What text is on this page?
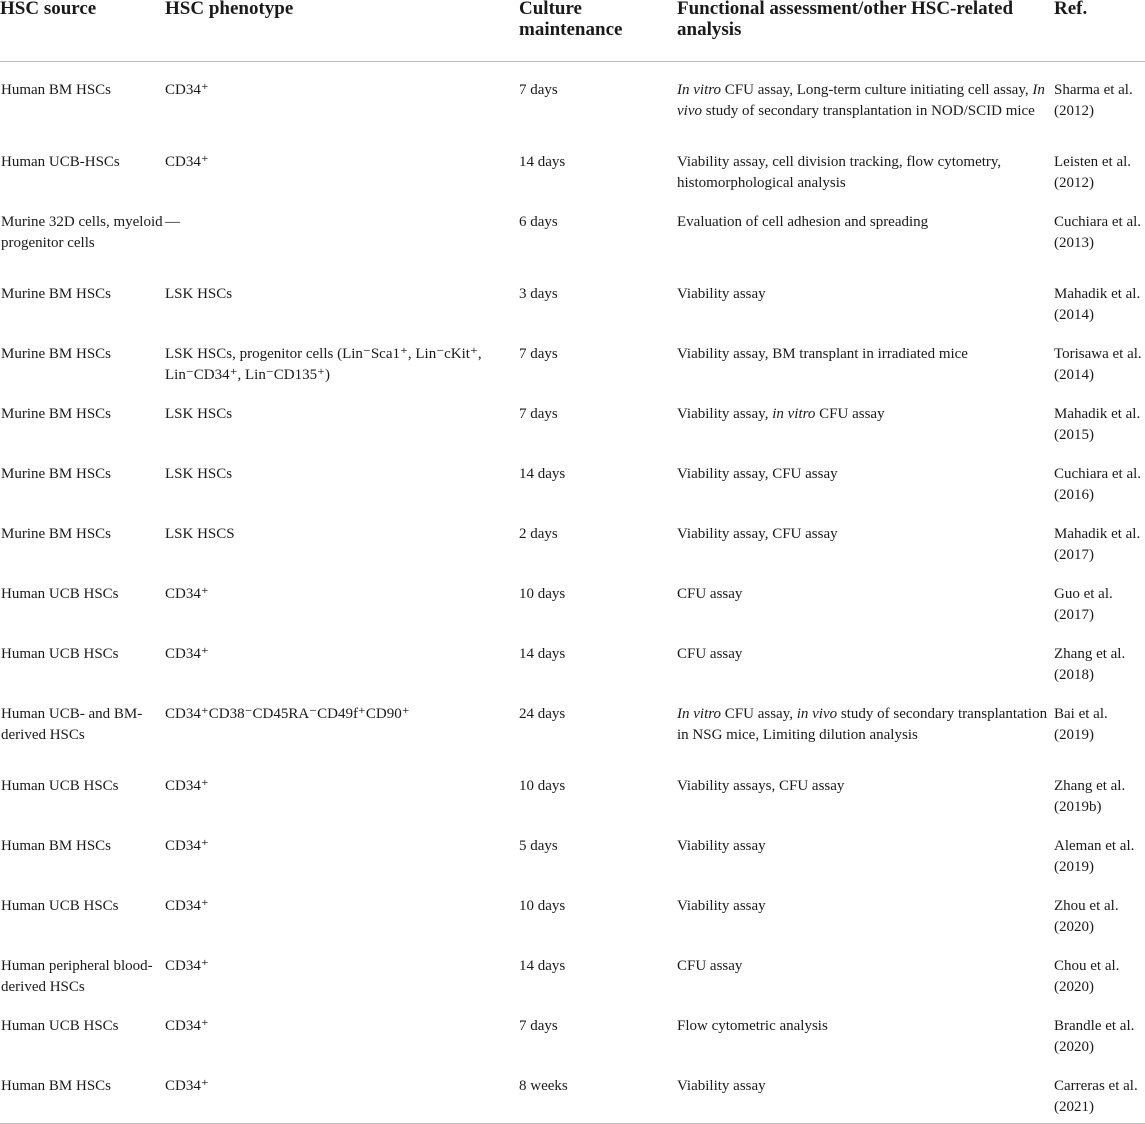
HSC source	HSC phenotype	Culture maintenance	Functional assessment/other HSC-related analysis	Ref.

Human BM HSCs	CD34⁺	7 days	In vitro CFU assay, Long-term culture initiating cell assay, In vivo study of secondary transplantation in NOD/SCID mice	Sharma et al. (2012)

Human UCB-HSCs	CD34⁺	14 days	Viability assay, cell division tracking, flow cytometry, histomorphological analysis	Leisten et al. (2012)

Murine 32D cells, myeloid progenitor cells	—	6 days	Evaluation of cell adhesion and spreading	Cuchiara et al. (2013)

Murine BM HSCs	LSK HSCs	3 days	Viability assay	Mahadik et al. (2014)

Murine BM HSCs	LSK HSCs, progenitor cells (Lin⁻Sca1⁺, Lin⁻cKit⁺, Lin⁻CD34⁺, Lin⁻CD135⁺)	7 days	Viability assay, BM transplant in irradiated mice	Torisawa et al. (2014)

Murine BM HSCs	LSK HSCs	7 days	Viability assay, in vitro CFU assay	Mahadik et al. (2015)

Murine BM HSCs	LSK HSCs	14 days	Viability assay, CFU assay	Cuchiara et al. (2016)

Murine BM HSCs	LSK HSCS	2 days	Viability assay, CFU assay	Mahadik et al. (2017)

Human UCB HSCs	CD34⁺	10 days	CFU assay	Guo et al. (2017)

Human UCB HSCs	CD34⁺	14 days	CFU assay	Zhang et al. (2018)

Human UCB- and BM- derived HSCs	CD34⁺CD38⁻CD45RA⁻CD49f⁺CD90⁺	24 days	In vitro CFU assay, in vivo study of secondary transplantation in NSG mice, Limiting dilution analysis	Bai et al. (2019)

Human UCB HSCs	CD34⁺	10 days	Viability assays, CFU assay	Zhang et al. (2019b)

Human BM HSCs	CD34⁺	5 days	Viability assay	Aleman et al. (2019)

Human UCB HSCs	CD34⁺	10 days	Viability assay	Zhou et al. (2020)

Human peripheral blood-derived HSCs	CD34⁺	14 days	CFU assay	Chou et al. (2020)

Human UCB HSCs	CD34⁺	7 days	Flow cytometric analysis	Brandle et al. (2020)

Human BM HSCs	CD34⁺	8 weeks	Viability assay	Carreras et al. (2021)
